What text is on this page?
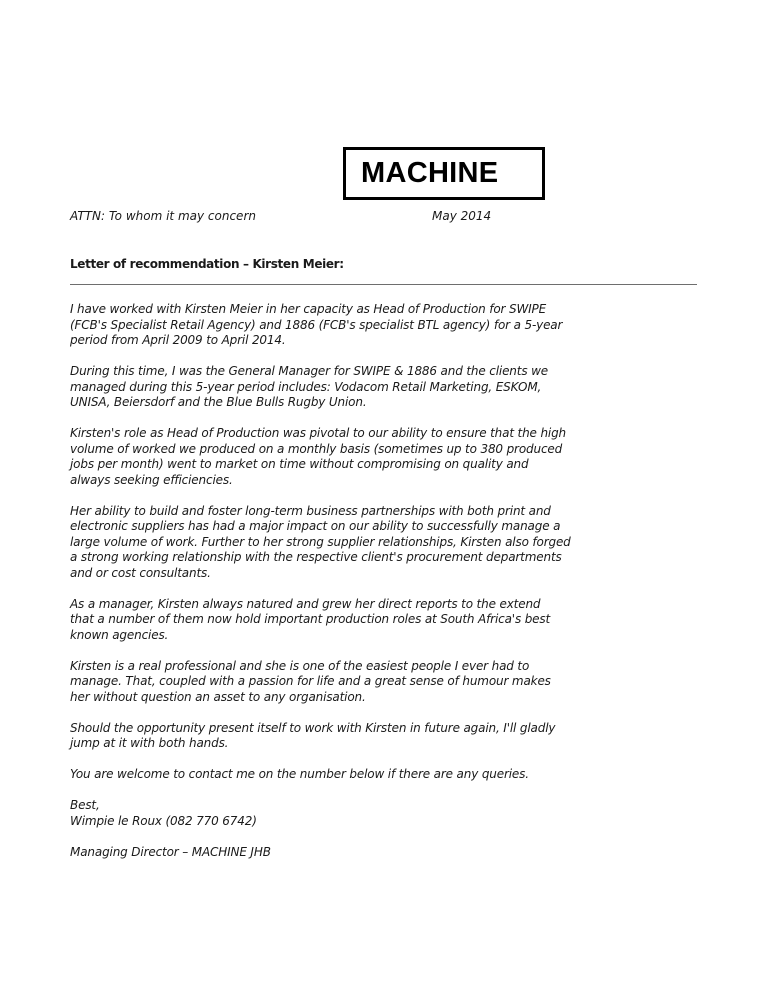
MACHINE
ATTN: To whom it may concern	May 2014
Letter of recommendation – Kirsten Meier:

I have worked with Kirsten Meier in her capacity as Head of Production for SWIPE
(FCB's Specialist Retail Agency) and 1886 (FCB's specialist BTL agency) for a 5-year
period from April 2009 to April 2014.

During this time, I was the General Manager for SWIPE & 1886 and the clients we
managed during this 5-year period includes: Vodacom Retail Marketing, ESKOM,
UNISA, Beiersdorf and the Blue Bulls Rugby Union.

Kirsten's role as Head of Production was pivotal to our ability to ensure that the high
volume of worked we produced on a monthly basis (sometimes up to 380 produced
jobs per month) went to market on time without compromising on quality and
always seeking efficiencies.

Her ability to build and foster long-term business partnerships with both print and
electronic suppliers has had a major impact on our ability to successfully manage a
large volume of work. Further to her strong supplier relationships, Kirsten also forged
a strong working relationship with the respective client's procurement departments
and or cost consultants.

As a manager, Kirsten always natured and grew her direct reports to the extend
that a number of them now hold important production roles at South Africa's best
known agencies.

Kirsten is a real professional and she is one of the easiest people I ever had to
manage. That, coupled with a passion for life and a great sense of humour makes
her without question an asset to any organisation.

Should the opportunity present itself to work with Kirsten in future again, I'll gladly
jump at it with both hands.

You are welcome to contact me on the number below if there are any queries.

Best,
Wimpie le Roux (082 770 6742)

Managing Director – MACHINE JHB
